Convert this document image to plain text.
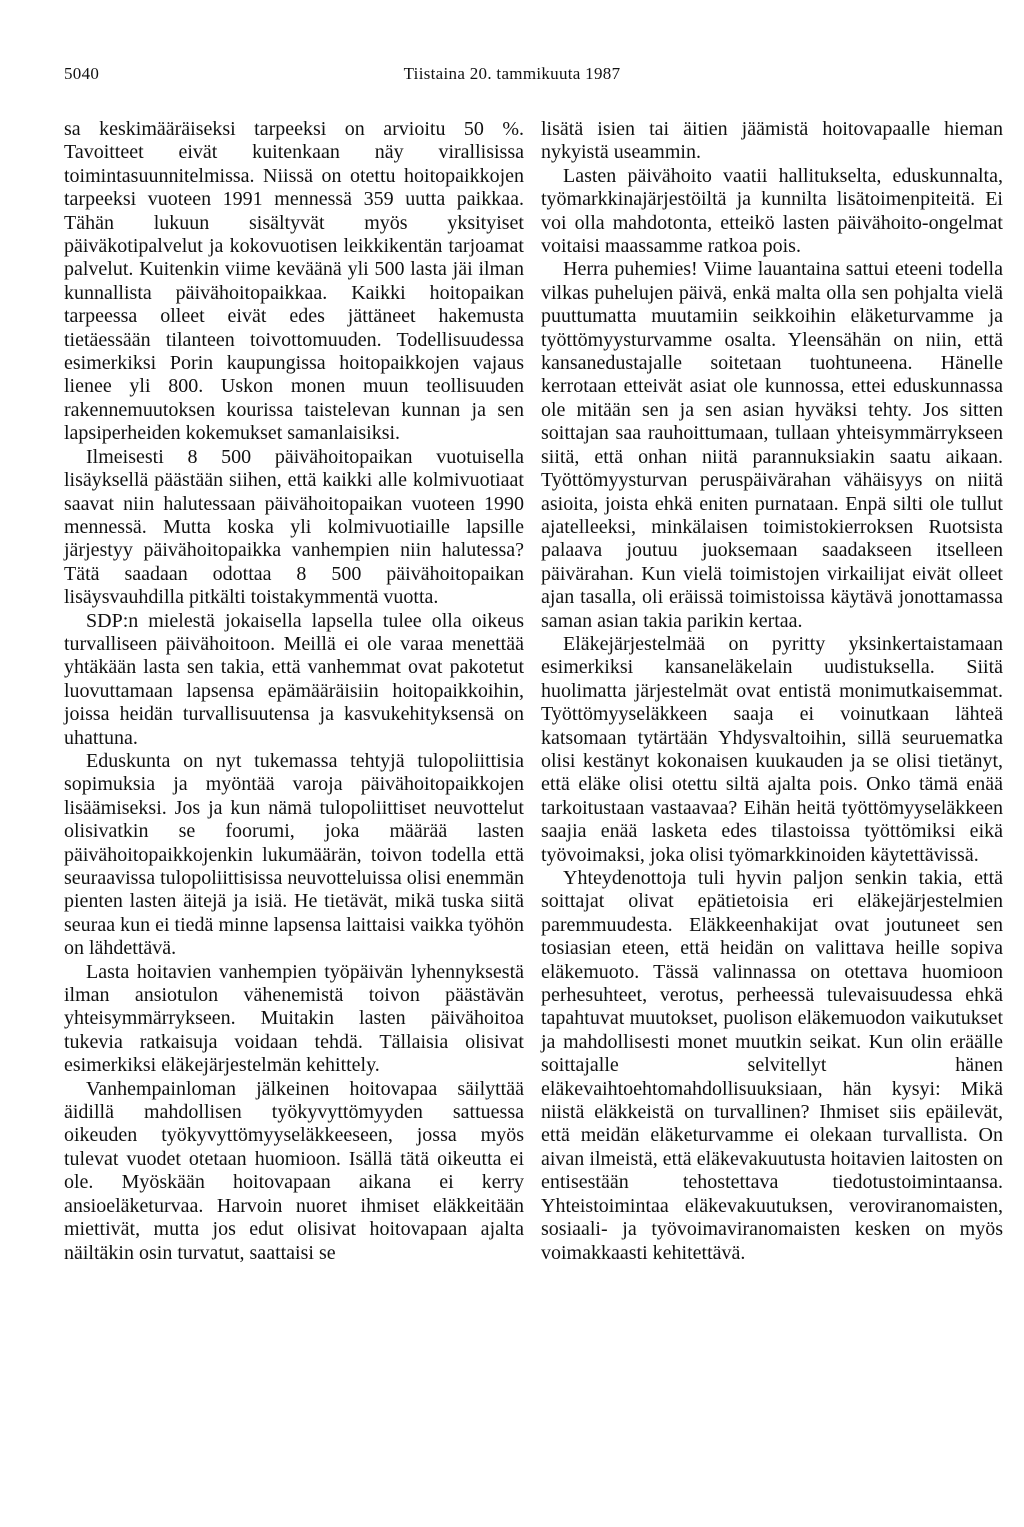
5040	Tiistaina 20. tammikuuta 1987

sa keskimääräiseksi tarpeeksi on arvioitu 50 %. Tavoitteet eivät kuitenkaan näy virallisissa toimintasuunnitelmissa. Niissä on otettu hoitopaikkojen tarpeeksi vuoteen 1991 mennessä 359 uutta paikkaa. Tähän lukuun sisältyvät myös yksityiset päiväkotipalvelut ja kokovuotisen leikkikentän tarjoamat palvelut. Kuitenkin viime keväänä yli 500 lasta jäi ilman kunnallista päivähoitopaikkaa. Kaikki hoitopaikan tarpeessa olleet eivät edes jättäneet hakemusta tietäessään tilanteen toivottomuuden. Todellisuudessa esimerkiksi Porin kaupungissa hoitopaikkojen vajaus lienee yli 800. Uskon monen muun teollisuuden rakennemuutoksen kourissa taistelevan kunnan ja sen lapsiperheiden kokemukset samanlaisiksi.

Ilmeisesti 8 500 päivähoitopaikan vuotuisella lisäyksellä päästään siihen, että kaikki alle kolmivuotiaat saavat niin halutessaan päivähoitopaikan vuoteen 1990 mennessä. Mutta koska yli kolmivuotiaille lapsille järjestyy päivähoitopaikka vanhempien niin halutessa? Tätä saadaan odottaa 8 500 päivähoitopaikan lisäysvauhdilla pitkälti toistakymmentä vuotta.

SDP:n mielestä jokaisella lapsella tulee olla oikeus turvalliseen päivähoitoon. Meillä ei ole varaa menettää yhtäkään lasta sen takia, että vanhemmat ovat pakotetut luovuttamaan lapsensa epämääräisiin hoitopaikkoihin, joissa heidän turvallisuutensa ja kasvukehityksensä on uhattuna.

Eduskunta on nyt tukemassa tehtyjä tulopoliittisia sopimuksia ja myöntää varoja päivähoitopaikkojen lisäämiseksi. Jos ja kun nämä tulopoliittiset neuvottelut olisivatkin se foorumi, joka määrää lasten päivähoitopaikkojenkin lukumäärän, toivon todella että seuraavissa tulopoliittisissa neuvotteluissa olisi enemmän pienten lasten äitejä ja isiä. He tietävät, mikä tuska siitä seuraa kun ei tiedä minne lapsensa laittaisi vaikka työhön on lähdettävä.

Lasta hoitavien vanhempien työpäivän lyhennyksestä ilman ansiotulon vähenemistä toivon päästävän yhteisymmärrykseen. Muitakin lasten päivähoitoa tukevia ratkaisuja voidaan tehdä. Tällaisia olisivat esimerkiksi eläkejärjestelmän kehittely.

Vanhempainloman jälkeinen hoitovapaa säilyttää äidillä mahdollisen työkyvyttömyyden sattuessa oikeuden työkyvyttömyyseläkkeeseen, jossa myös tulevat vuodet otetaan huomioon. Isällä tätä oikeutta ei ole. Myöskään hoitovapaan aikana ei kerry ansioeläketurvaa. Harvoin nuoret ihmiset eläkkeitään miettivät, mutta jos edut olisivat hoitovapaan ajalta näiltäkin osin turvatut, saattaisi se

lisätä isien tai äitien jäämistä hoitovapaalle hieman nykyistä useammin.

Lasten päivähoito vaatii hallitukselta, eduskunnalta, työmarkkinajärjestöiltä ja kunnilta lisätoimenpiteitä. Ei voi olla mahdotonta, etteikö lasten päivähoito-ongelmat voitaisi maassamme ratkoa pois.

Herra puhemies! Viime lauantaina sattui eteeni todella vilkas puhelujen päivä, enkä malta olla sen pohjalta vielä puuttumatta muutamiin seikkoihin eläketurvamme ja työttömyysturvamme osalta. Yleensähän on niin, että kansanedustajalle soitetaan tuohtuneena. Hänelle kerrotaan etteivät asiat ole kunnossa, ettei eduskunnassa ole mitään sen ja sen asian hyväksi tehty. Jos sitten soittajan saa rauhoittumaan, tullaan yhteisymmärrykseen siitä, että onhan niitä parannuksiakin saatu aikaan. Työttömyysturvan peruspäivärahan vähäisyys on niitä asioita, joista ehkä eniten purnataan. Enpä silti ole tullut ajatelleeksi, minkälaisen toimistokierroksen Ruotsista palaava joutuu juoksemaan saadakseen itselleen päivärahan. Kun vielä toimistojen virkailijat eivät olleet ajan tasalla, oli eräissä toimistoissa käytävä jonottamassa saman asian takia parikin kertaa.

Eläkejärjestelmää on pyritty yksinkertaistamaan esimerkiksi kansaneläkelain uudistuksella. Siitä huolimatta järjestelmät ovat entistä monimutkaisemmat. Työttömyyseläkkeen saaja ei voinutkaan lähteä katsomaan tytärtään Yhdysvaltoihin, sillä seuruematka olisi kestänyt kokonaisen kuukauden ja se olisi tietänyt, että eläke olisi otettu siltä ajalta pois. Onko tämä enää tarkoitustaan vastaavaa? Eihän heitä työttömyyseläkkeen saajia enää lasketa edes tilastoissa työttömiksi eikä työvoimaksi, joka olisi työmarkkinoiden käytettävissä.

Yhteydenottoja tuli hyvin paljon senkin takia, että soittajat olivat epätietoisia eri eläkejärjestelmien paremmuudesta. Eläkkeenhakijat ovat joutuneet sen tosiasian eteen, että heidän on valittava heille sopiva eläkemuoto. Tässä valinnassa on otettava huomioon perhesuhteet, verotus, perheessä tulevaisuudessa ehkä tapahtuvat muutokset, puolison eläkemuodon vaikutukset ja mahdollisesti monet muutkin seikat. Kun olin eräälle soittajalle selvitellyt hänen eläkevaihtoehtomahdollisuuksiaan, hän kysyi: Mikä niistä eläkkeistä on turvallinen? Ihmiset siis epäilevät, että meidän eläketurvamme ei olekaan turvallista. On aivan ilmeistä, että eläkevakuutusta hoitavien laitosten on entisestään tehostettava tiedotustoimintaansa. Yhteistoimintaa eläkevakuutuksen, veroviranomaisten, sosiaali- ja työvoimaviranomaisten kesken on myös voimakkaasti kehitettävä.
